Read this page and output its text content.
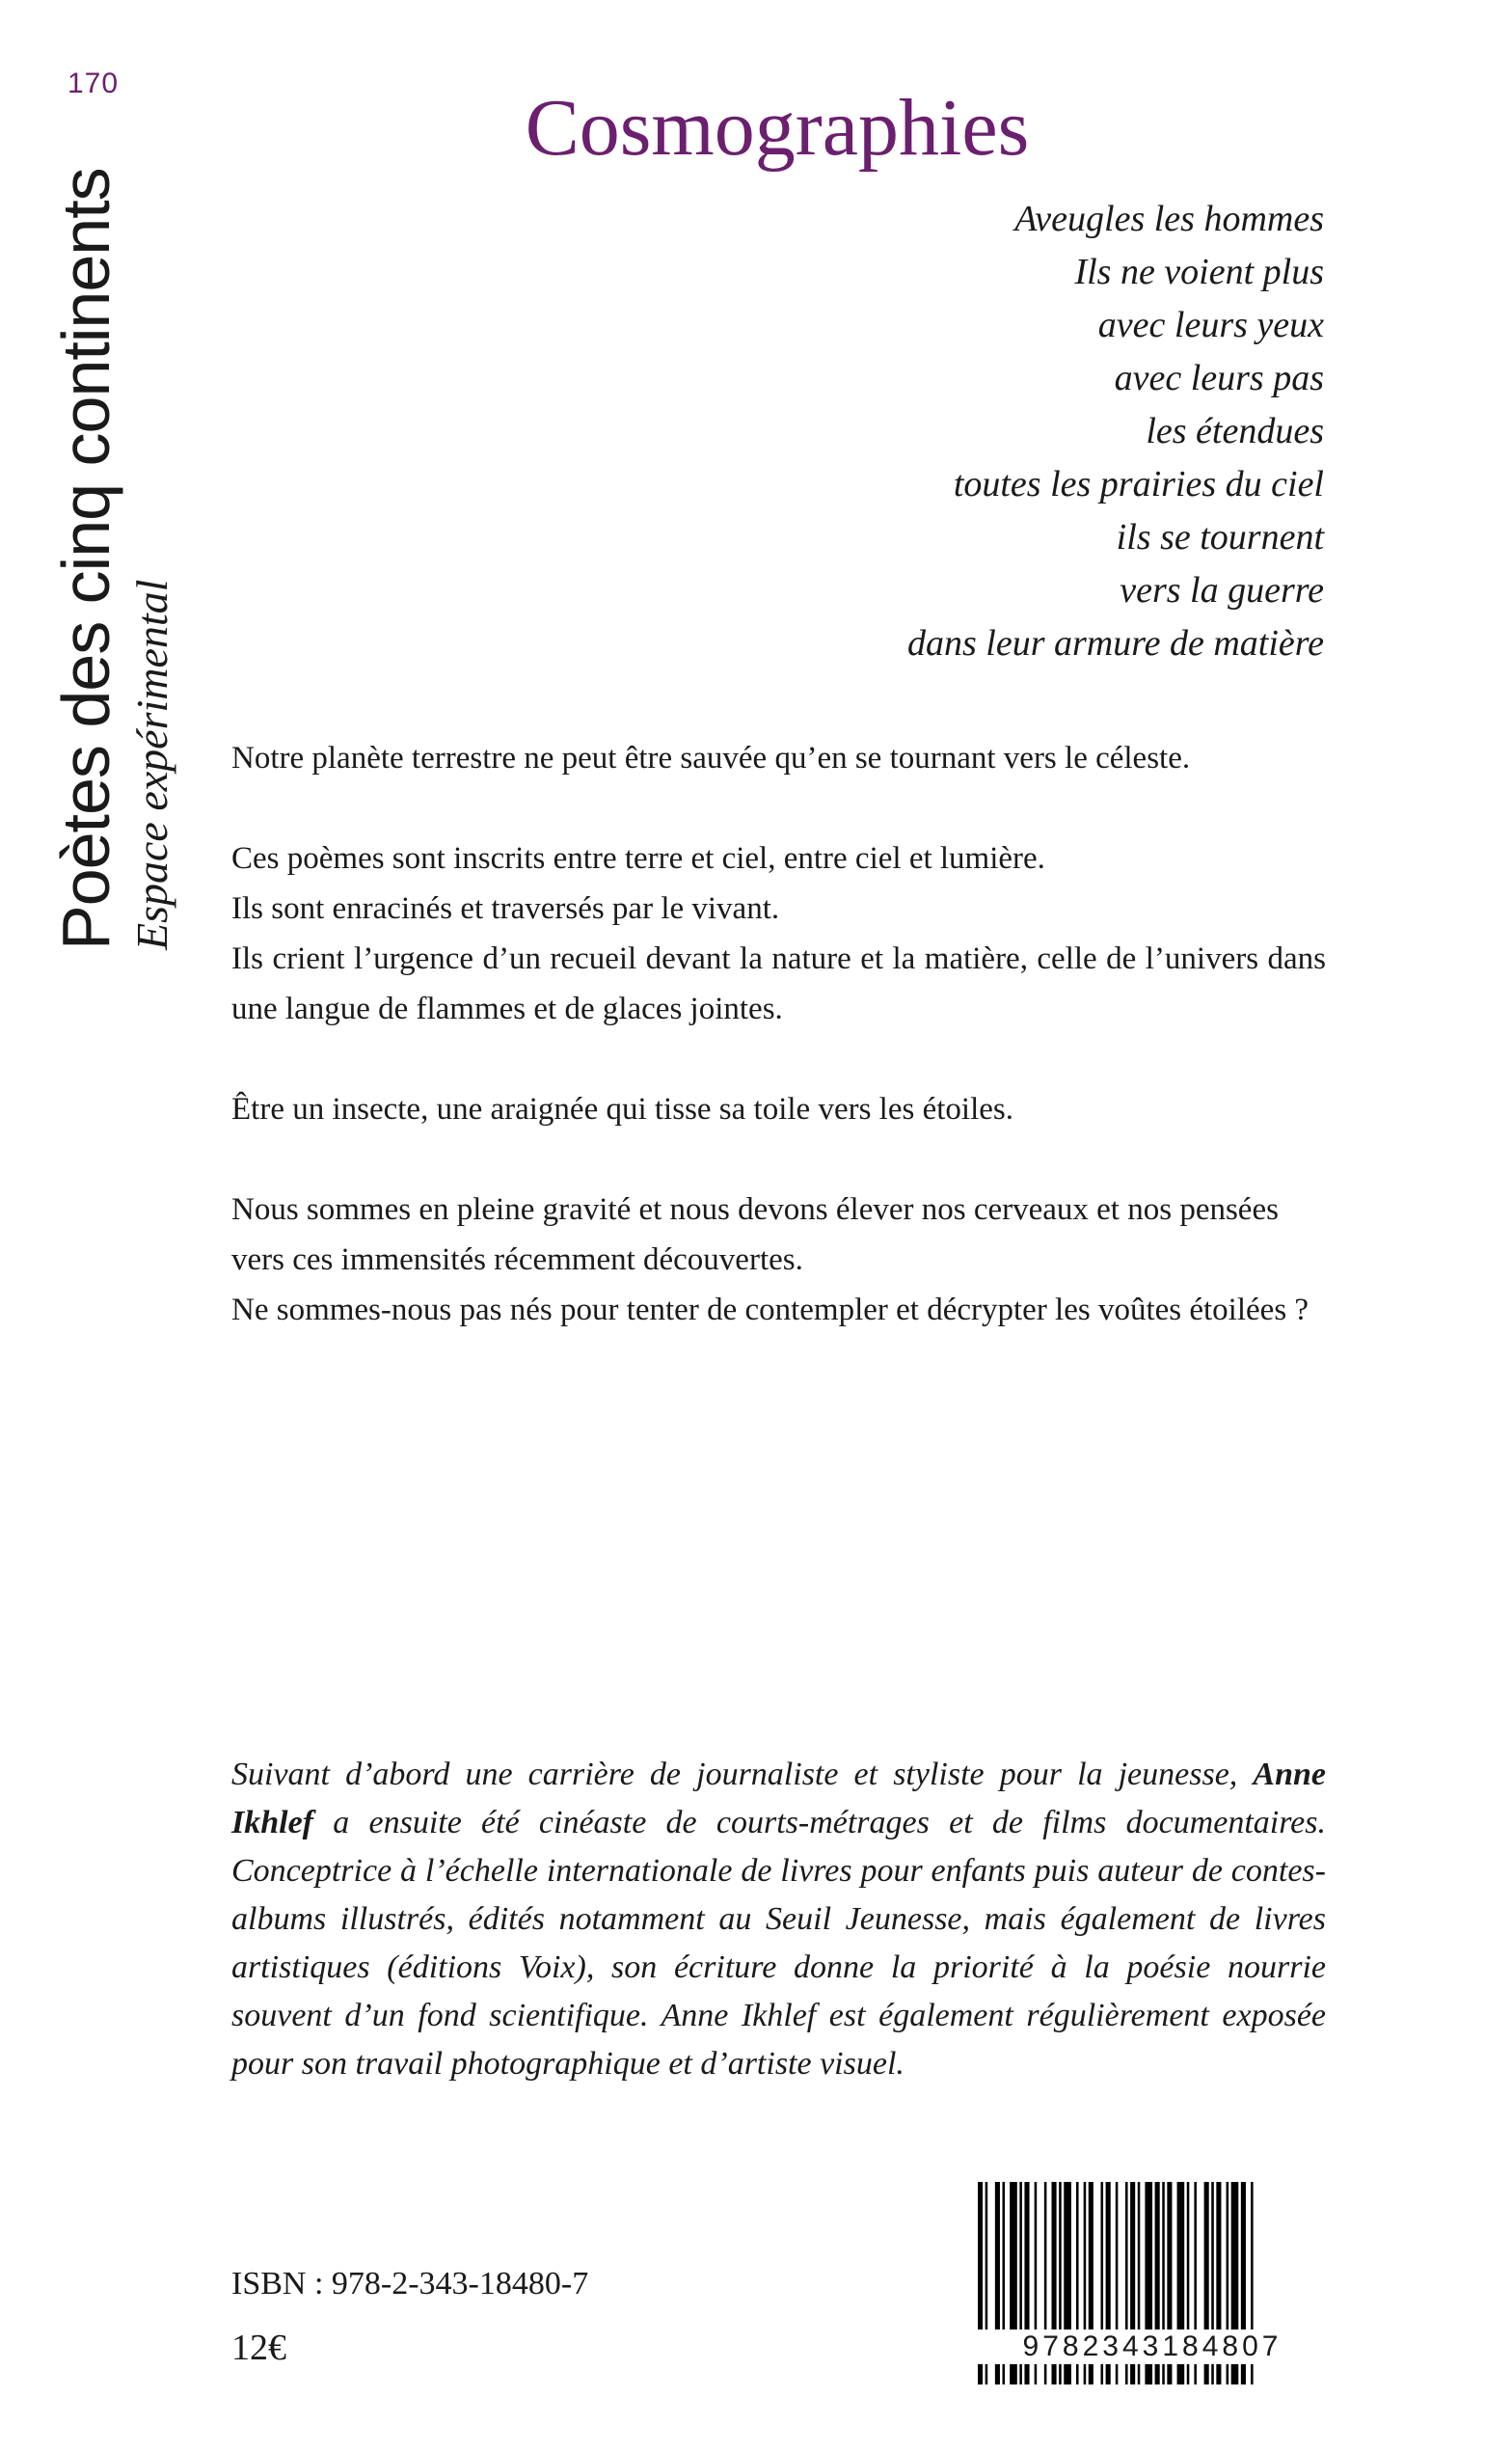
170
Poètes des cinq continents Espace expérimental
Cosmographies
Aveugles les hommes
Ils ne voient plus
avec leurs yeux
avec leurs pas
les étendues
toutes les prairies du ciel
ils se tournent
vers la guerre
dans leur armure de matière

Notre planète terrestre ne peut être sauvée qu’en se tournant vers le céleste.

Ces poèmes sont inscrits entre terre et ciel, entre ciel et lumière.

Ils sont enracinés et traversés par le vivant.

Ils crient l’urgence d’un recueil devant la nature et la matière, celle de l’univers dans une langue de flammes et de glaces jointes.

Être un insecte, une araignée qui tisse sa toile vers les étoiles.

Nous sommes en pleine gravité et nous devons élever nos cerveaux et nos pensées

vers ces immensités récemment découvertes.

Ne sommes-nous pas nés pour tenter de contempler et décrypter les voûtes étoilées ?

Suivant d’abord une carrière de journaliste et styliste pour la jeunesse, Anne Ikhlef a ensuite été cinéaste de courts-métrages et de films documentaires. Conceptrice à l’échelle internationale de livres pour enfants puis auteur de contes-albums illustrés, édités notamment au Seuil Jeunesse, mais également de livres artistiques (éditions Voix), son écriture donne la priorité à la poésie nourrie souvent d’un fond scientifique. Anne Ikhlef est également régulièrement exposée pour son travail photographique et d’artiste visuel.
ISBN : 978-2-343-18480-7
12€	9782343184807
